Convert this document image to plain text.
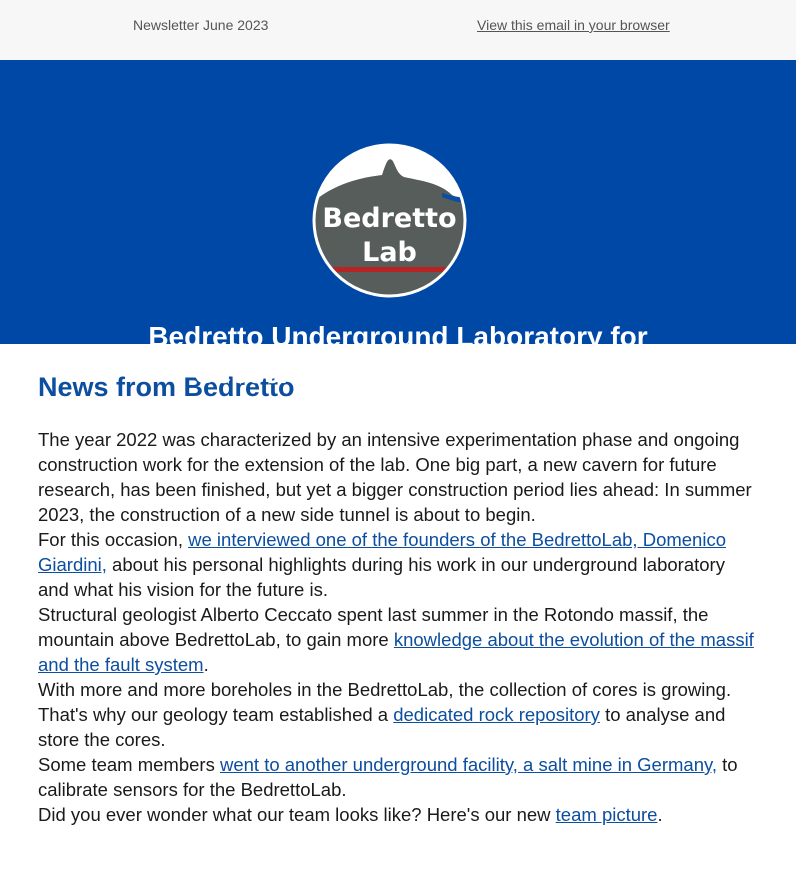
Newsletter June 2023	View this email in your browser
Bedretto
Lab
Bedretto Underground Laboratory for
Geosciences and Geoenergies
News from Bedretto

The year 2022 was characterized by an intensive experimentation phase and ongoing construction work for the extension of the lab. One big part, a new cavern for future research, has been finished, but yet a bigger construction period lies ahead: In summer 2023, the construction of a new side tunnel is about to begin.

For this occasion, we interviewed one of the founders of the BedrettoLab, Domenico Giardini, about his personal highlights during his work in our underground laboratory and what his vision for the future is.

Structural geologist Alberto Ceccato spent last summer in the Rotondo massif, the mountain above BedrettoLab, to gain more knowledge about the evolution of the massif and the fault system.

With more and more boreholes in the BedrettoLab, the collection of cores is growing. That's why our geology team established a dedicated rock repository to analyse and store the cores.

Some team members went to another underground facility, a salt mine in Germany, to calibrate sensors for the BedrettoLab.

Did you ever wonder what our team looks like? Here's our new team picture.
